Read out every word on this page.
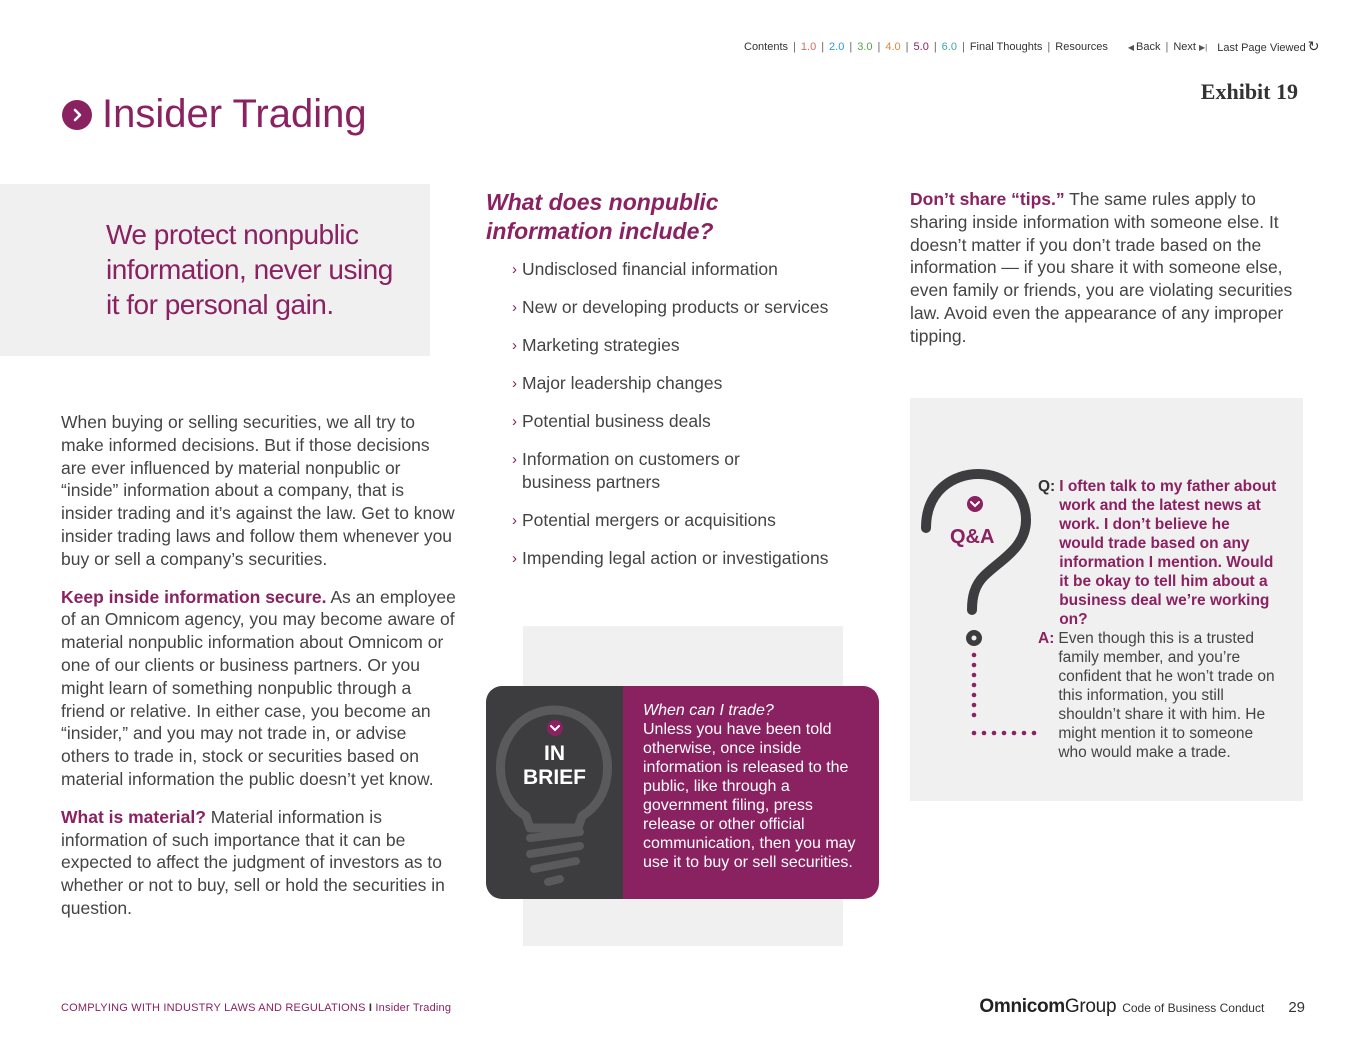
Contents | 1.0 | 2.0 | 3.0 | 4.0 | 5.0 | 6.0 | Final Thoughts | Resources	◀ Back | Next ▶| Last Page Viewed ↻
Exhibit 19
Insider Trading
We protect nonpublic information, never using it for personal gain.

When buying or selling securities, we all try to make informed decisions. But if those decisions are ever influenced by material nonpublic or “inside” information about a company, that is insider trading and it’s against the law. Get to know insider trading laws and follow them whenever you buy or sell a company’s securities.

Keep inside information secure. As an employee of an Omnicom agency, you may become aware of material nonpublic information about Omnicom or one of our clients or business partners. Or you might learn of something nonpublic through a friend or relative. In either case, you become an “insider,” and you may not trade in, or advise others to trade in, stock or securities based on material information the public doesn’t yet know.

What is material? Material information is information of such importance that it can be expected to affect the judgment of investors as to whether or not to buy, sell or hold the securities in question.

What does nonpublic information include?
› Undisclosed financial information
› New or developing products or services
› Marketing strategies
› Major leadership changes
› Potential business deals
› Information on customers or business partners
› Potential mergers or acquisitions
› Impending legal action or investigations
IN
BRIEF
When can I trade?
Unless you have been told otherwise, once inside information is released to the public, like through a government filing, press release or other official communication, then you may use it to buy or sell securities.
Don’t share “tips.” The same rules apply to sharing inside information with someone else. It doesn’t matter if you don’t trade based on the information — if you share it with someone else, even family or friends, you are violating securities law. Avoid even the appearance of any improper tipping.
Q&A
Q: I often talk to my father about work and the latest news at work. I don’t believe he would trade based on any information I mention. Would it be okay to tell him about a business deal we’re working on?
A: Even though this is a trusted family member, and you’re confident that he won’t trade on this information, you still shouldn’t share it with him. He might mention it to someone who would make a trade.
COMPLYING WITH INDUSTRY LAWS AND REGULATIONS I Insider Trading	OmnicomGroup Code of Business Conduct 29
